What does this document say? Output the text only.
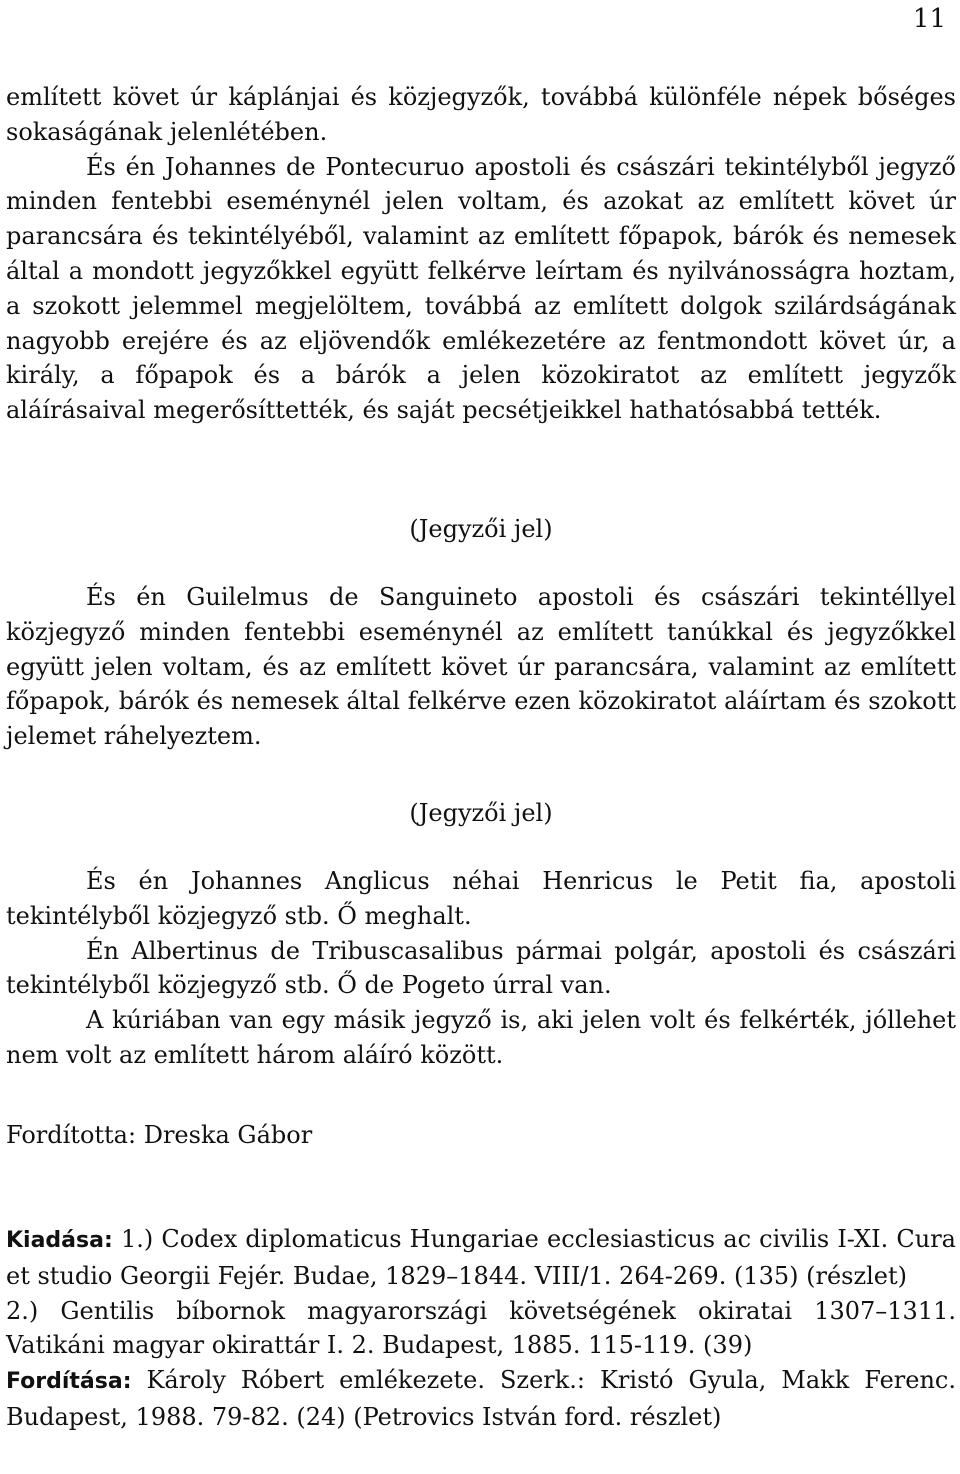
11

említett követ úr káplánjai és közjegyzők, továbbá különféle népek bőséges sokaságának jelenlétében.

És én Johannes de Pontecuruo apostoli és császári tekintélyből jegyző minden fentebbi eseménynél jelen voltam, és azokat az említett követ úr parancsára és tekintélyéből, valamint az említett főpapok, bárók és nemesek által a mondott jegyzőkkel együtt felkérve leírtam és nyilvánosságra hoztam, a szokott jelemmel megjelöltem, továbbá az említett dolgok szilárdságának nagyobb erejére és az eljövendők emlékezetére az fentmondott követ úr, a király, a főpapok és a bárók a jelen közokiratot az említett jegyzők aláírásaival megerősíttették, és saját pecsétjeikkel hathatósabbá tették.

(Jegyzői jel)

És én Guilelmus de Sanguineto apostoli és császári tekintéllyel közjegyző minden fentebbi eseménynél az említett tanúkkal és jegyzőkkel együtt jelen voltam, és az említett követ úr parancsára, valamint az említett főpapok, bárók és nemesek által felkérve ezen közokiratot aláírtam és szokott jelemet ráhelyeztem.

(Jegyzői jel)

És én Johannes Anglicus néhai Henricus le Petit fia, apostoli tekintélyből közjegyző stb. Ő meghalt.

Én Albertinus de Tribuscasalibus pármai polgár, apostoli és császári tekintélyből közjegyző stb. Ő de Pogeto úrral van.

A kúriában van egy másik jegyző is, aki jelen volt és felkérték, jóllehet nem volt az említett három aláíró között.

Fordította: Dreska Gábor

Kiadása: 1.) Codex diplomaticus Hungariae ecclesiasticus ac civilis I-XI. Cura et studio Georgii Fejér. Budae, 1829–1844. VIII/1. 264-269. (135) (részlet)

2.) Gentilis bíbornok magyarországi követségének okiratai 1307–1311. Vatikáni magyar okirattár I. 2. Budapest, 1885. 115-119. (39)

Fordítása: Károly Róbert emlékezete. Szerk.: Kristó Gyula, Makk Ferenc. Budapest, 1988. 79-82. (24) (Petrovics István ford. részlet)
